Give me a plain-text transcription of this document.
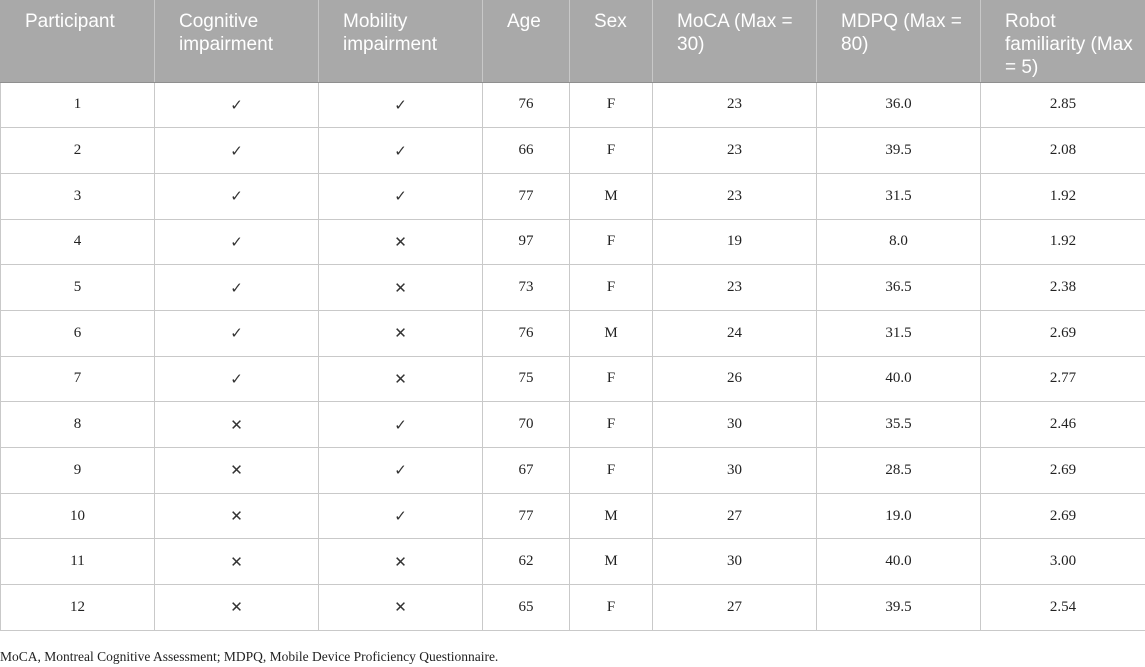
Participant	Cognitive impairment	Mobility impairment	Age	Sex	MoCA (Max = 30)	MDPQ (Max = 80)	Robot familiarity (Max = 5)
1	✓	✓	76	F	23	36.0	2.85
2	✓	✓	66	F	23	39.5	2.08
3	✓	✓	77	M	23	31.5	1.92
4	✓	✕	97	F	19	8.0	1.92
5	✓	✕	73	F	23	36.5	2.38
6	✓	✕	76	M	24	31.5	2.69
7	✓	✕	75	F	26	40.0	2.77
8	✕	✓	70	F	30	35.5	2.46
9	✕	✓	67	F	30	28.5	2.69
10	✕	✓	77	M	27	19.0	2.69
11	✕	✕	62	M	30	40.0	3.00
12	✕	✕	65	F	27	39.5	2.54
MoCA, Montreal Cognitive Assessment; MDPQ, Mobile Device Proficiency Questionnaire.
